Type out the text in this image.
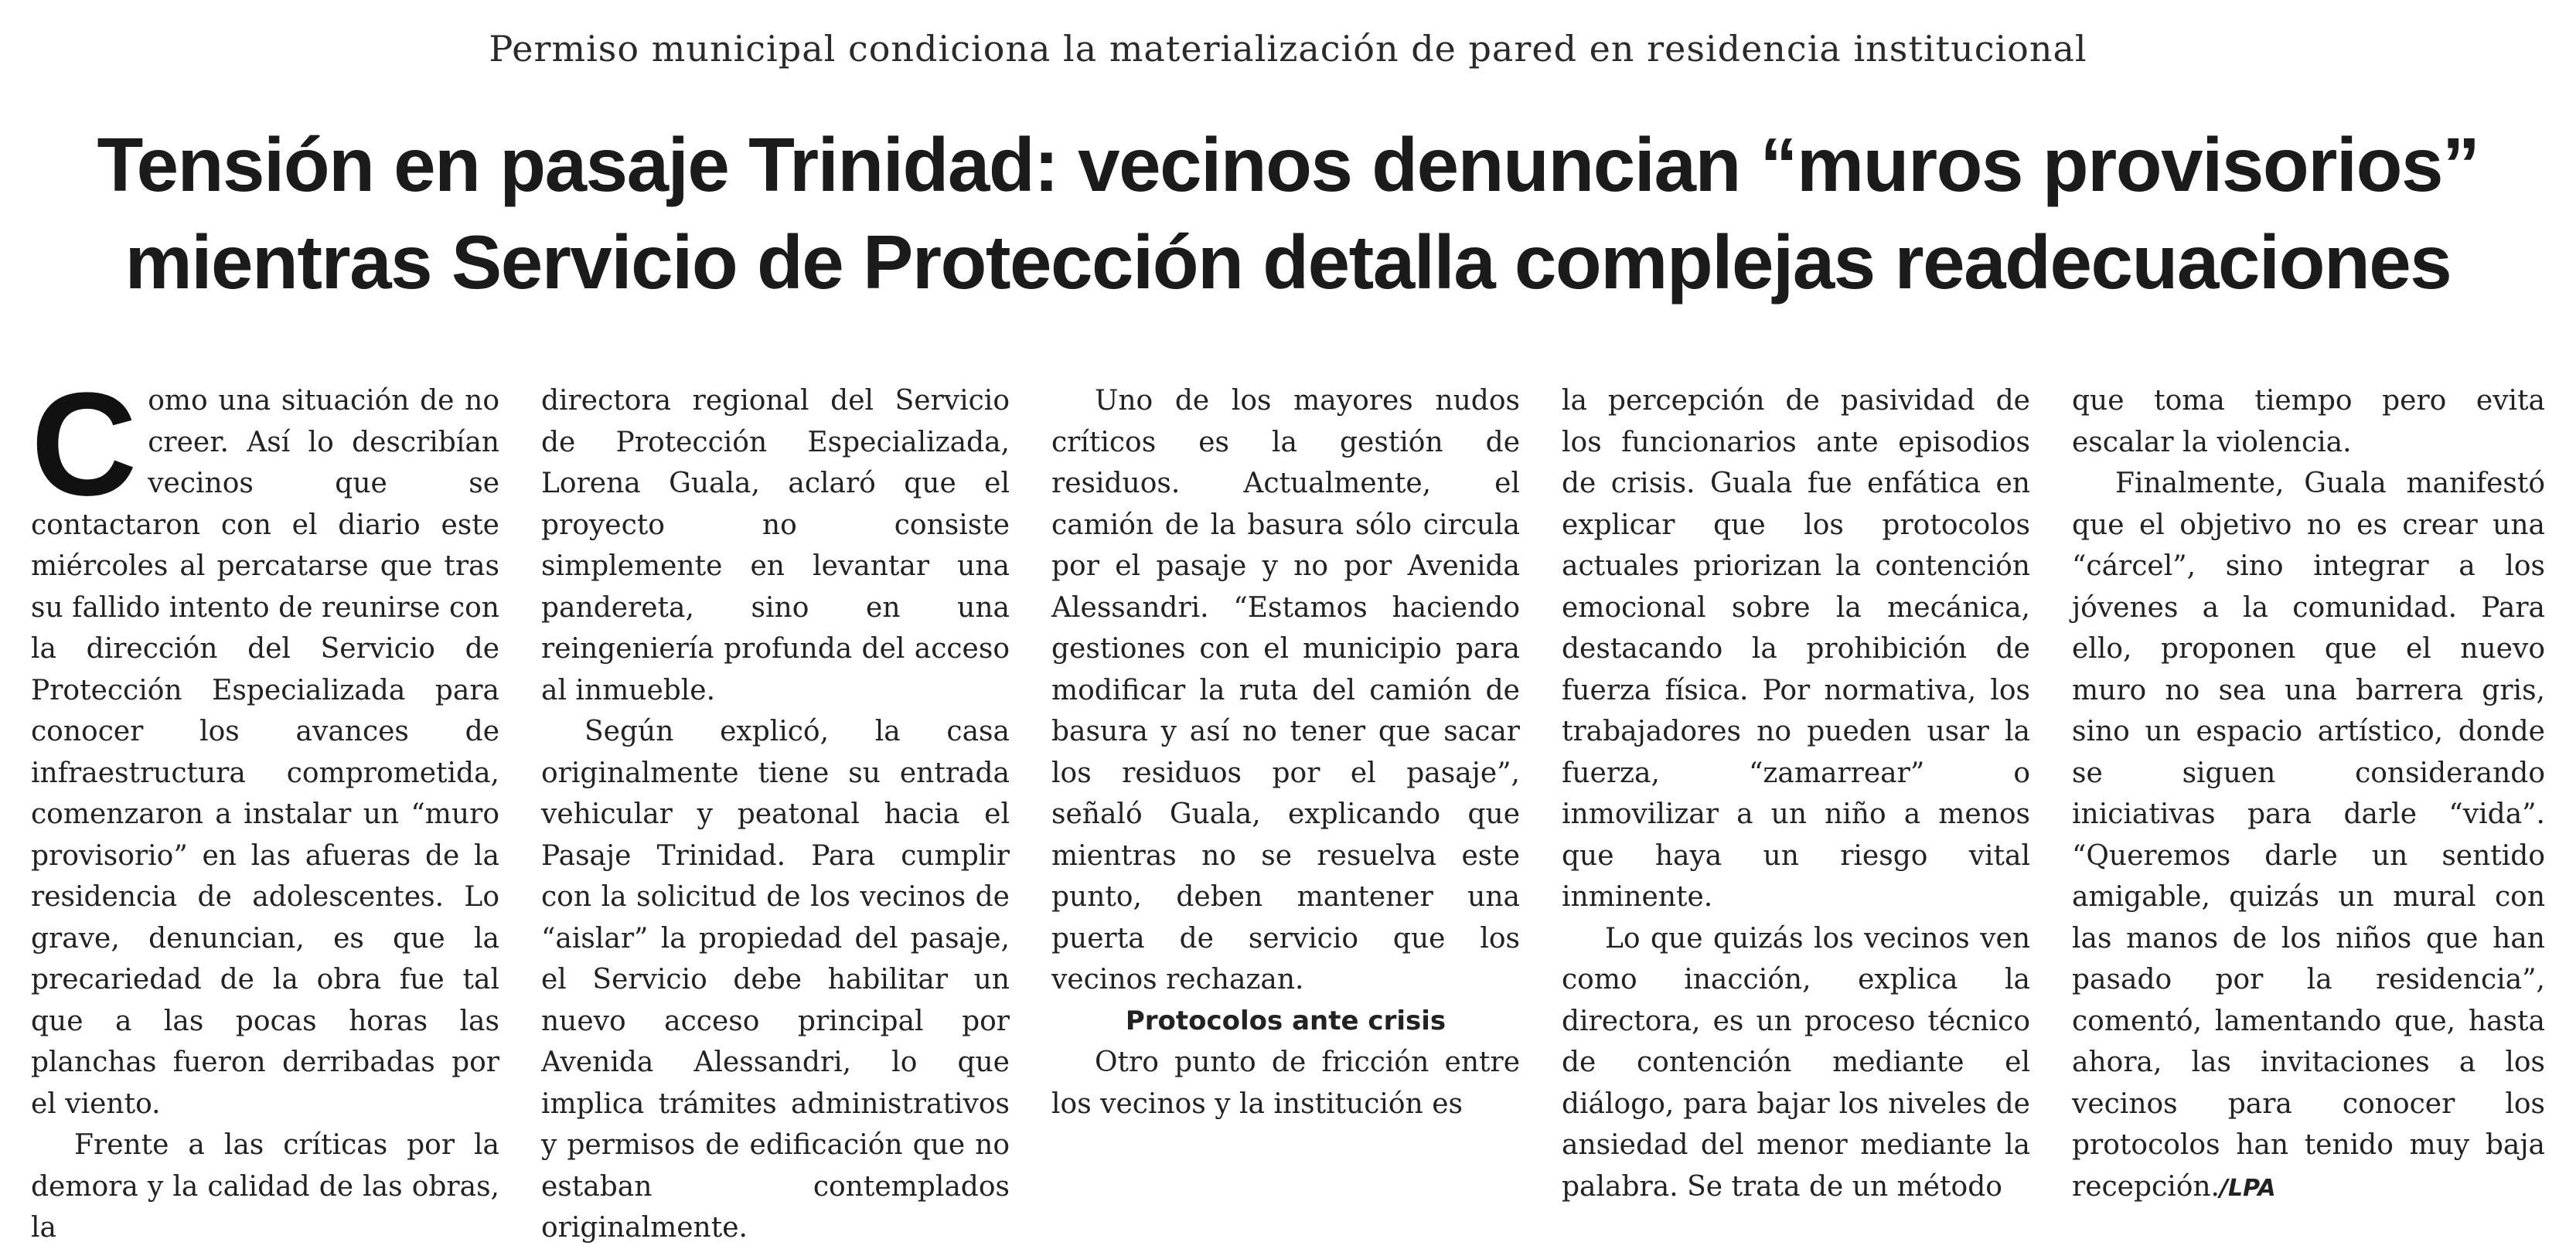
Permiso municipal condiciona la materialización de pared en residencia institucional
Tensión en pasaje Trinidad: vecinos denuncian “muros provisorios”
mientras Servicio de Protección detalla complejas readecuaciones

Como una situación de no creer. Así lo describían vecinos que se contactaron con el diario este miércoles al percatarse que tras su fallido intento de reunirse con la dirección del Servicio de Protección Especializada para conocer los avances de infraestructura comprometida, comenzaron a instalar un “muro provisorio” en las afueras de la residencia de adolescentes. Lo grave, denuncian, es que la precariedad de la obra fue tal que a las pocas horas las planchas fueron derribadas por el viento.

Frente a las críticas por la demora y la calidad de las obras, la

directora regional del Servicio de Protección Especializada, Lorena Guala, aclaró que el proyecto no consiste simplemente en levantar una pandereta, sino en una reingeniería profunda del acceso al inmueble.

Según explicó, la casa originalmente tiene su entrada vehicular y peatonal hacia el Pasaje Trinidad. Para cumplir con la solicitud de los vecinos de “aislar” la propiedad del pasaje, el Servicio debe habilitar un nuevo acceso principal por Avenida Alessandri, lo que implica trámites administrativos y permisos de edificación que no estaban contemplados originalmente.

Uno de los mayores nudos críticos es la gestión de residuos. Actualmente, el camión de la basura sólo circula por el pasaje y no por Avenida Alessandri. “Estamos haciendo gestiones con el municipio para modificar la ruta del camión de basura y así no tener que sacar los residuos por el pasaje”, señaló Guala, explicando que mientras no se resuelva este punto, deben mantener una puerta de servicio que los vecinos rechazan.

Protocolos ante crisis

Otro punto de fricción entre los vecinos y la institución es

la percepción de pasividad de los funcionarios ante episodios de crisis. Guala fue enfática en explicar que los protocolos actuales priorizan la contención emocional sobre la mecánica, destacando la prohibición de fuerza física. Por normativa, los trabajadores no pueden usar la fuerza, “zamarrear” o inmovilizar a un niño a menos que haya un riesgo vital inminente.

Lo que quizás los vecinos ven como inacción, explica la directora, es un proceso técnico de contención mediante el diálogo, para bajar los niveles de ansiedad del menor mediante la palabra. Se trata de un método

que toma tiempo pero evita escalar la violencia.

Finalmente, Guala manifestó que el objetivo no es crear una “cárcel”, sino integrar a los jóvenes a la comunidad. Para ello, proponen que el nuevo muro no sea una barrera gris, sino un espacio artístico, donde se siguen considerando iniciativas para darle “vida”. “Queremos darle un sentido amigable, quizás un mural con las manos de los niños que han pasado por la residencia”, comentó, lamentando que, hasta ahora, las invitaciones a los vecinos para conocer los protocolos han tenido muy baja recepción./LPA
